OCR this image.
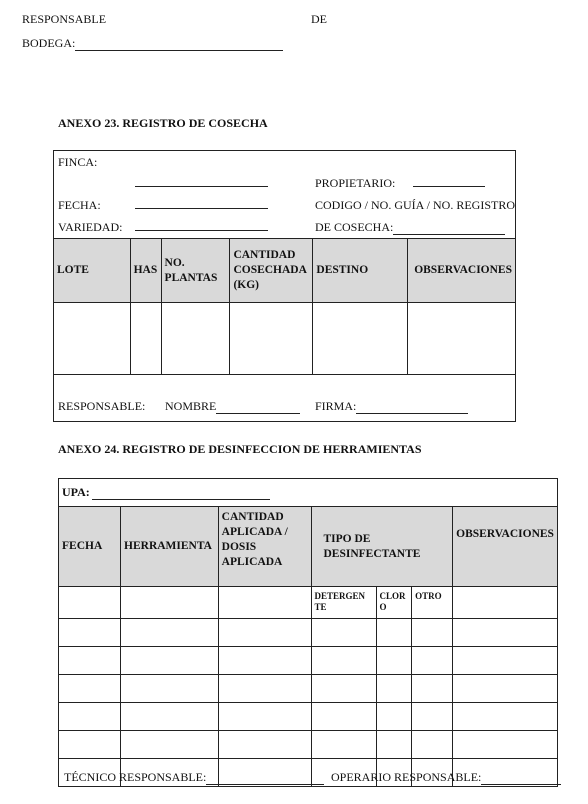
RESPONSABLE	DE
BODEGA:
ANEXO 23. REGISTRO DE COSECHA
FINCA:
PROPIETARIO:
FECHA:	CODIGO / NO. GUÍA / NO. REGISTRO
VARIEDAD:	DE COSECHA:
LOTE	HAS	NO. PLANTAS	CANTIDAD COSECHADA (KG)	DESTINO	OBSERVACIONES

RESPONSABLE: NOMBRE	FIRMA:
ANEXO 24. REGISTRO DE DESINFECCION DE HERRAMIENTAS
UPA:						
FECHA	HERRAMIENTA	CANTIDAD APLICADA / DOSIS APLICADA	TIPO DE DESINFECTANTE			OBSERVACIONES
			DETERGEN TE	CLOR O	OTRO	

TÉCNICO RESPONSABLE:	OPERARIO RESPONSABLE:
